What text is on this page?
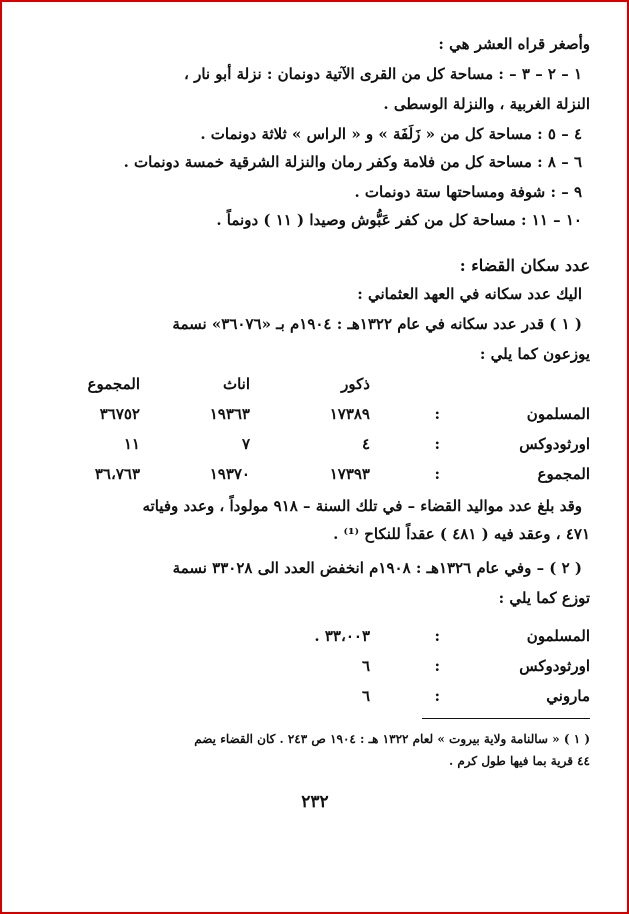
وأصغر قراه العشر هي :
١ – ٢ – ٣ – : مساحة كل من القرى الآتية دونمان : نزلة أبو نار ،
النزلة الغربية ، والنزلة الوسطى .
٤ – ٥ : مساحة كل من « زَلَفَة » و « الراس » ثلاثة دونمات .
٦ – ٨ : مساحة كل من فلامة وكفر رمان والنزلة الشرقية خمسة دونمات .
٩ – : شوفة ومساحتها ستة دونمات .
١٠ – ١١ : مساحة كل من كفر عَبُّوش وصيدا ( ١١ ) دونماً .
عدد سكان القضاء :
اليك عدد سكانه في العهد العثماني :
( ١ ) قدر عدد سكانه في عام ١٣٢٢هـ : ١٩٠٤م بـ «٣٦٠٧٦» نسمة
يوزعون كما يلي :
ذكور
اناث
المجموع
المسلمون
:
١٧٣٨٩
١٩٣٦٣
٣٦٧٥٢
اورثودوكس
:
٤
٧
١١
المجموع
:
١٧٣٩٣
١٩٣٧٠
٣٦،٧٦٣
وقد بلغ عدد مواليد القضاء – في تلك السنة – ٩١٨ مولوداً ، وعدد وفياته
٤٧١ ، وعقد فيه ( ٤٨١ ) عقداً للنكاح ⁽¹⁾ .
( ٢ ) – وفي عام ١٣٢٦هـ : ١٩٠٨م انخفض العدد الى ٣٣٠٢٨ نسمة
توزع كما يلي :
المسلمون
:
٣٣،٠٠٣ .
اورثودوكس
:
٦
ماروني
:
٦
( ١ ) « سالنامة ولاية بيروت » لعام ١٣٢٢ هـ : ١٩٠٤ ص ٢٤٣ . كان القضاء يضم
٤٤ قرية بما فيها طول كرم .
٢٣٢
